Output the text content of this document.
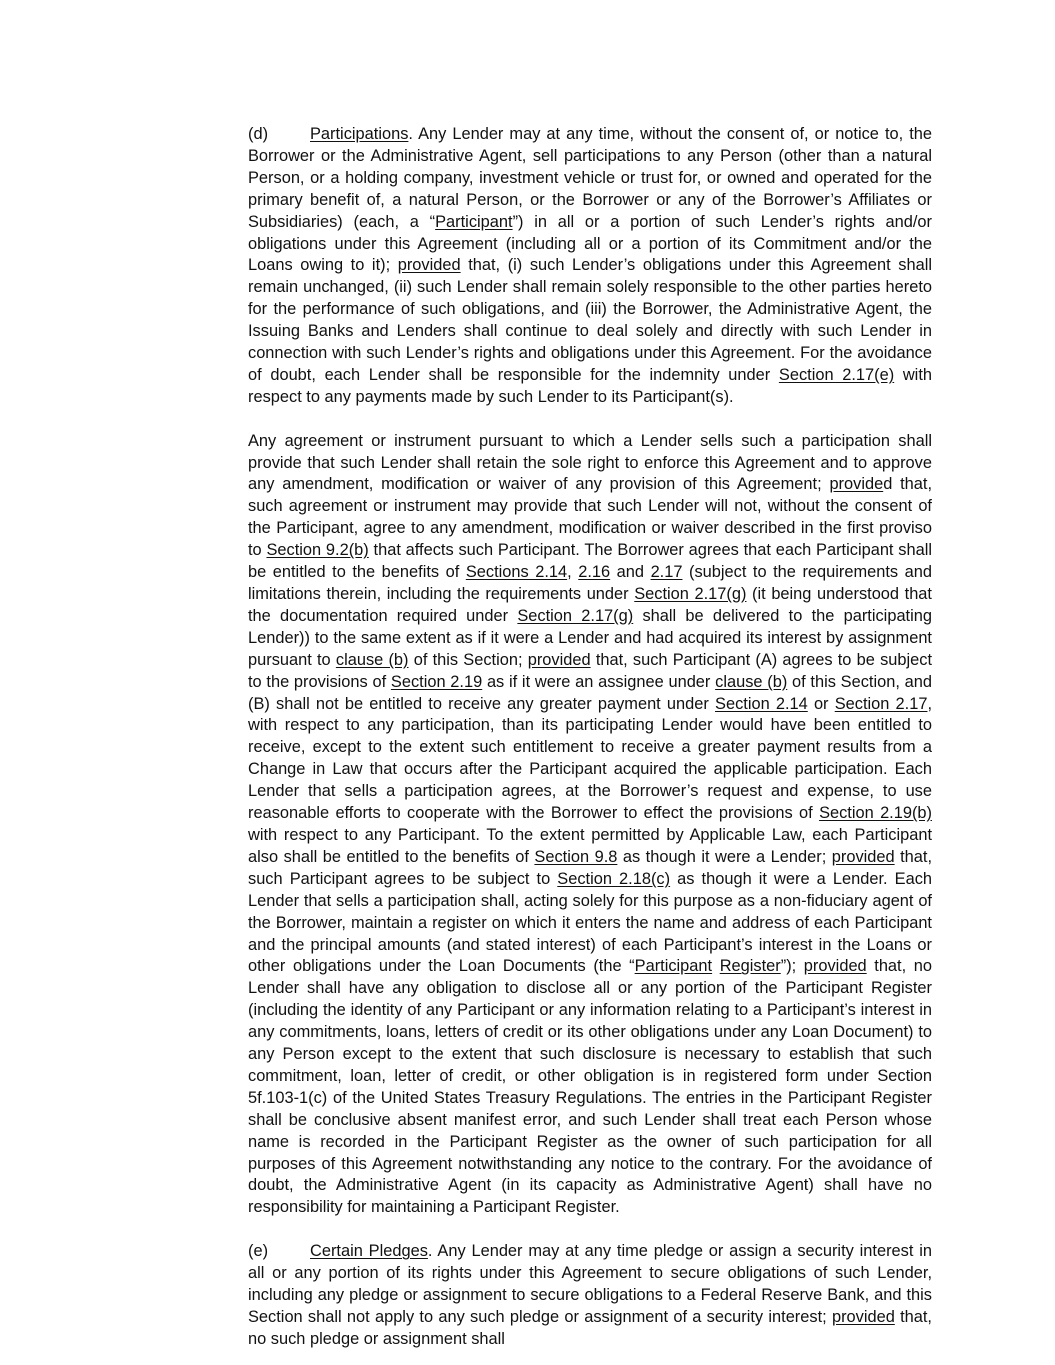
(d)	Participations. Any Lender may at any time, without the consent of, or notice to, the Borrower or the Administrative Agent, sell participations to any Person (other than a natural Person, or a holding company, investment vehicle or trust for, or owned and operated for the primary benefit of, a natural Person, or the Borrower or any of the Borrower’s Affiliates or Subsidiaries) (each, a “Participant”) in all or a portion of such Lender’s rights and/or obligations under this Agreement (including all or a portion of its Commitment and/or the Loans owing to it); provided that, (i) such Lender’s obligations under this Agreement shall remain unchanged, (ii) such Lender shall remain solely responsible to the other parties hereto for the performance of such obligations, and (iii) the Borrower, the Administrative Agent, the Issuing Banks and Lenders shall continue to deal solely and directly with such Lender in connection with such Lender’s rights and obligations under this Agreement. For the avoidance of doubt, each Lender shall be responsible for the indemnity under Section 2.17(e) with respect to any payments made by such Lender to its Participant(s).

Any agreement or instrument pursuant to which a Lender sells such a participation shall provide that such Lender shall retain the sole right to enforce this Agreement and to approve any amendment, modification or waiver of any provision of this Agreement; provided that, such agreement or instrument may provide that such Lender will not, without the consent of the Participant, agree to any amendment, modification or waiver described in the first proviso to Section 9.2(b) that affects such Participant. The Borrower agrees that each Participant shall be entitled to the benefits of Sections 2.14, 2.16 and 2.17 (subject to the requirements and limitations therein, including the requirements under Section 2.17(g) (it being understood that the documentation required under Section 2.17(g) shall be delivered to the participating Lender)) to the same extent as if it were a Lender and had acquired its interest by assignment pursuant to clause (b) of this Section; provided that, such Participant (A) agrees to be subject to the provisions of Section 2.19 as if it were an assignee under clause (b) of this Section, and (B) shall not be entitled to receive any greater payment under Section 2.14 or Section 2.17, with respect to any participation, than its participating Lender would have been entitled to receive, except to the extent such entitlement to receive a greater payment results from a Change in Law that occurs after the Participant acquired the applicable participation. Each Lender that sells a participation agrees, at the Borrower’s request and expense, to use reasonable efforts to cooperate with the Borrower to effect the provisions of Section 2.19(b) with respect to any Participant. To the extent permitted by Applicable Law, each Participant also shall be entitled to the benefits of Section 9.8 as though it were a Lender; provided that, such Participant agrees to be subject to Section 2.18(c) as though it were a Lender. Each Lender that sells a participation shall, acting solely for this purpose as a non-fiduciary agent of the Borrower, maintain a register on which it enters the name and address of each Participant and the principal amounts (and stated interest) of each Participant’s interest in the Loans or other obligations under the Loan Documents (the “Participant Register”); provided that, no Lender shall have any obligation to disclose all or any portion of the Participant Register (including the identity of any Participant or any information relating to a Participant’s interest in any commitments, loans, letters of credit or its other obligations under any Loan Document) to any Person except to the extent that such disclosure is necessary to establish that such commitment, loan, letter of credit, or other obligation is in registered form under Section 5f.103-1(c) of the United States Treasury Regulations. The entries in the Participant Register shall be conclusive absent manifest error, and such Lender shall treat each Person whose name is recorded in the Participant Register as the owner of such participation for all purposes of this Agreement notwithstanding any notice to the contrary. For the avoidance of doubt, the Administrative Agent (in its capacity as Administrative Agent) shall have no responsibility for maintaining a Participant Register.

(e)	Certain Pledges. Any Lender may at any time pledge or assign a security interest in all or any portion of its rights under this Agreement to secure obligations of such Lender, including any pledge or assignment to secure obligations to a Federal Reserve Bank, and this Section shall not apply to any such pledge or assignment of a security interest; provided that, no such pledge or assignment shall
